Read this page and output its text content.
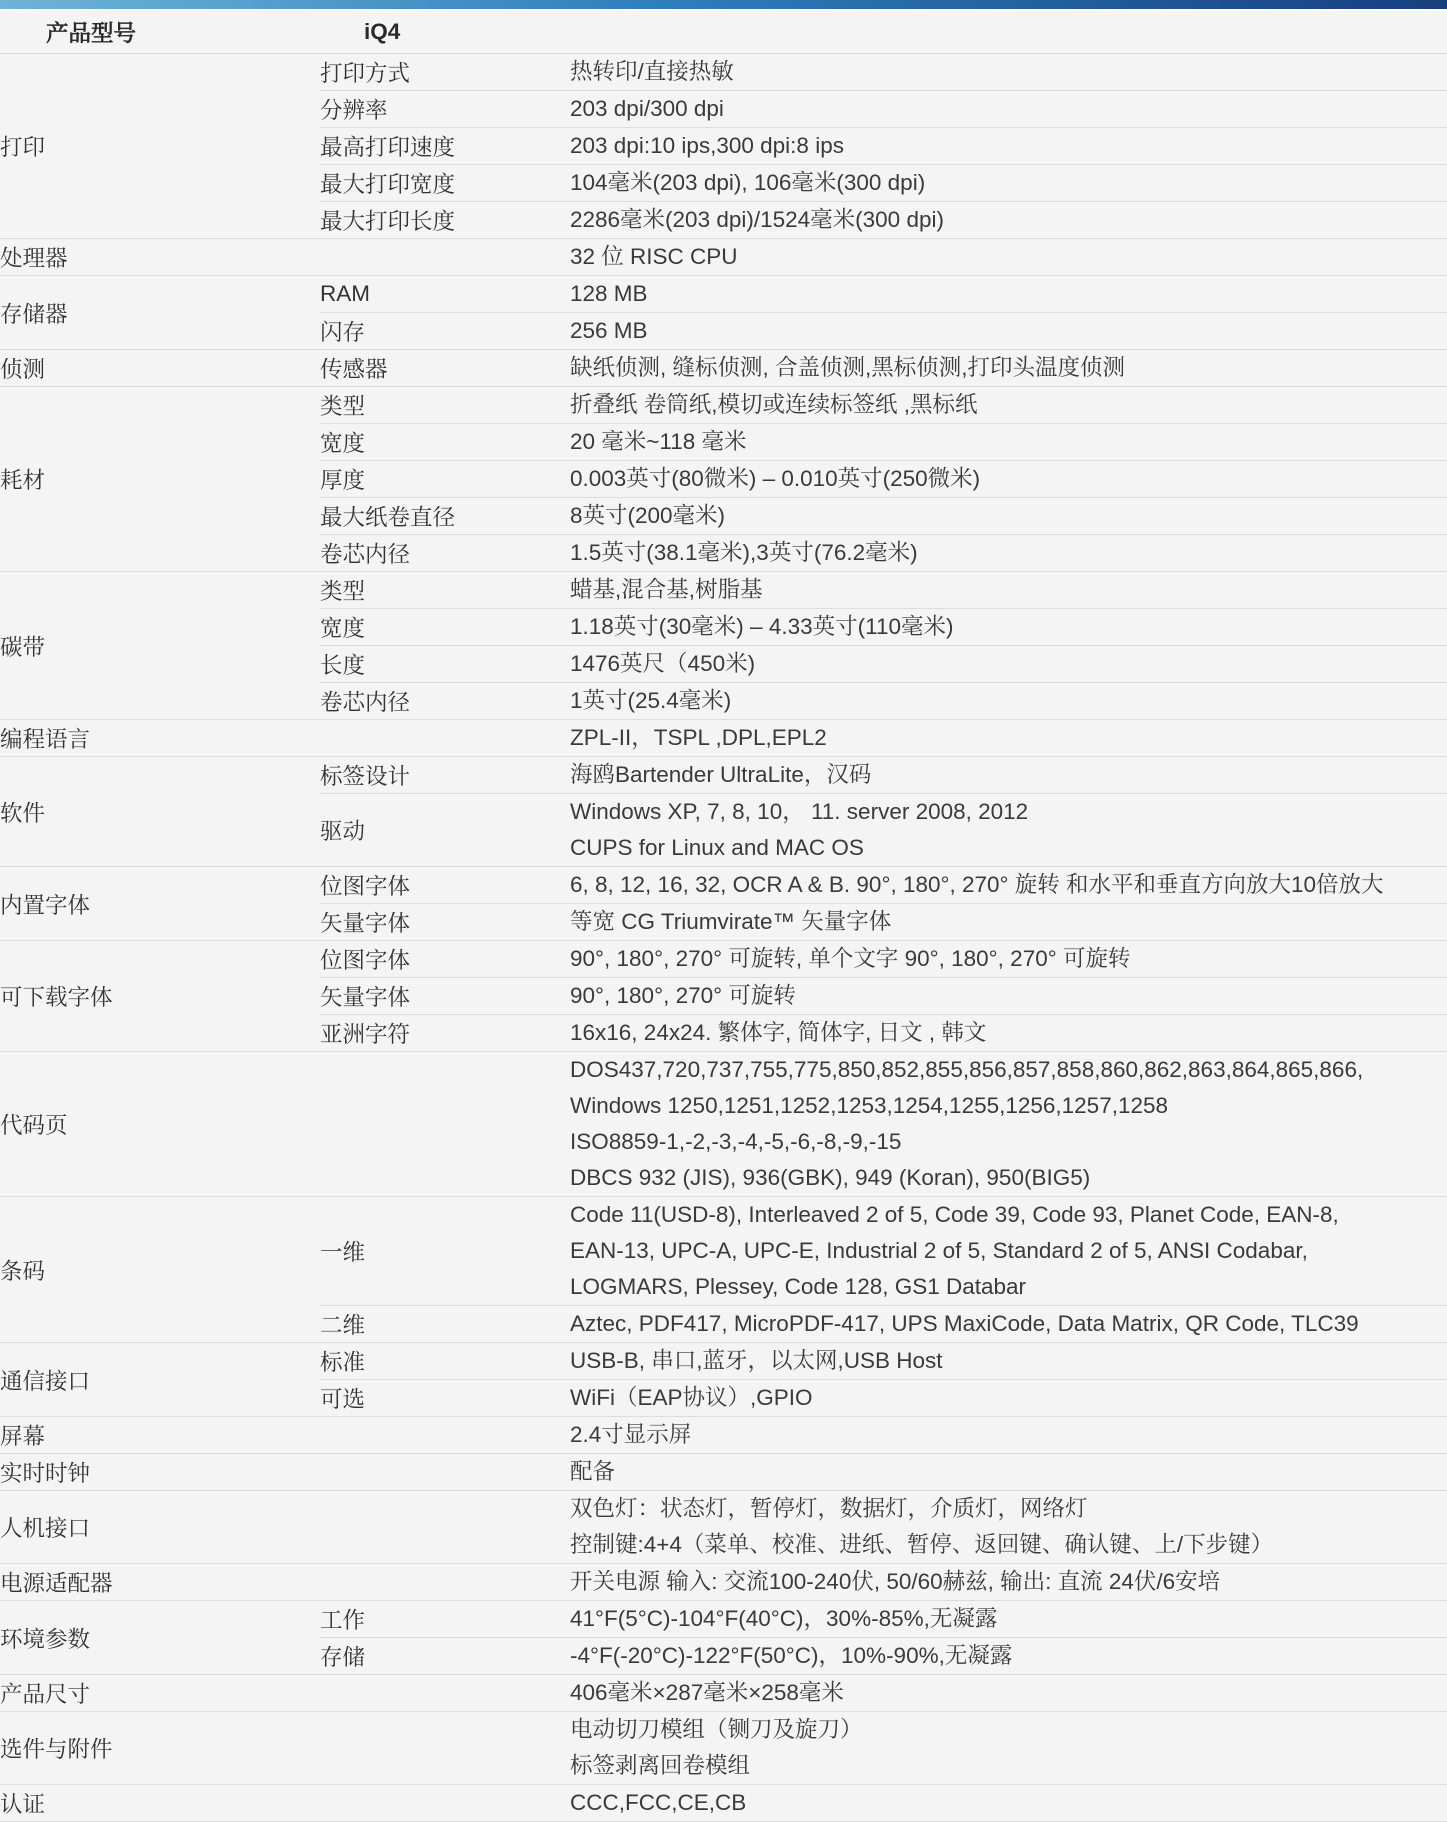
产品型号	iQ4	
打印	打印方式	热转印/直接热敏

	分辨率	203 dpi/300 dpi

	最高打印速度	203 dpi:10 ips,300 dpi:8 ips

	最大打印宽度	104毫米(203 dpi), 106毫米(300 dpi)

	最大打印长度	2286毫米(203 dpi)/1524毫米(300 dpi)

处理器		32 位 RISC CPU

存储器	RAM	128 MB

	闪存	256 MB

侦测	传感器	缺纸侦测, 缝标侦测, 合盖侦测,黑标侦测,打印头温度侦测

耗材	类型	折叠纸 卷筒纸,模切或连续标签纸 ,黑标纸

	宽度	20 毫米~118 毫米

	厚度	0.003英寸(80微米) – 0.010英寸(250微米)

	最大纸卷直径	8英寸(200毫米)

	卷芯内径	1.5英寸(38.1毫米),3英寸(76.2毫米)

碳带	类型	蜡基,混合基,树脂基

	宽度	1.18英寸(30毫米) – 4.33英寸(110毫米)

	长度	1476英尺（450米)

	卷芯内径	1英寸(25.4毫米)

编程语言		ZPL-II，TSPL ,DPL,EPL2

软件	标签设计	海鸥Bartender UltraLite，汉码

	驱动	Windows XP, 7, 8, 10， 11. server 2008, 2012
CUPS for Linux and MAC OS

内置字体	位图字体	6, 8, 12, 16, 32, OCR A & B. 90°, 180°, 270° 旋转 和水平和垂直方向放大10倍放大

	矢量字体	等宽 CG Triumvirate™ 矢量字体

可下载字体	位图字体	90°, 180°, 270° 可旋转, 单个文字 90°, 180°, 270° 可旋转

	矢量字体	90°, 180°, 270° 可旋转

	亚洲字符	16x16, 24x24. 繁体字, 简体字, 日文 , 韩文

代码页		DOS437,720,737,755,775,850,852,855,856,857,858,860,862,863,864,865,866,
Windows 1250,1251,1252,1253,1254,1255,1256,1257,1258
ISO8859-1,-2,-3,-4,-5,-6,-8,-9,-15
DBCS 932 (JIS), 936(GBK), 949 (Koran), 950(BIG5)

条码	一维	Code 11(USD-8), Interleaved 2 of 5, Code 39, Code 93, Planet Code, EAN-8,
EAN-13, UPC-A, UPC-E, Industrial 2 of 5, Standard 2 of 5, ANSI Codabar,
LOGMARS, Plessey, Code 128, GS1 Databar

	二维	Aztec, PDF417, MicroPDF-417, UPS MaxiCode, Data Matrix, QR Code, TLC39

通信接口	标准	USB-B, 串口,蓝牙，以太网,USB Host

	可选	WiFi（EAP协议）,GPIO

屏幕		2.4寸显示屏

实时时钟		配备

人机接口		双色灯：状态灯，暂停灯，数据灯，介质灯，网络灯
控制键:4+4（菜单、校准、进纸、暂停、返回键、确认键、上/下步键）

电源适配器		开关电源 输入: 交流100-240伏, 50/60赫兹, 输出: 直流 24伏/6安培

环境参数	工作	41°F(5°C)-104°F(40°C)，30%-85%,无凝露

	存储	-4°F(-20°C)-122°F(50°C)，10%-90%,无凝露

产品尺寸		406毫米×287毫米×258毫米

选件与附件		电动切刀模组（铡刀及旋刀）
标签剥离回卷模组

认证		CCC,FCC,CE,CB
